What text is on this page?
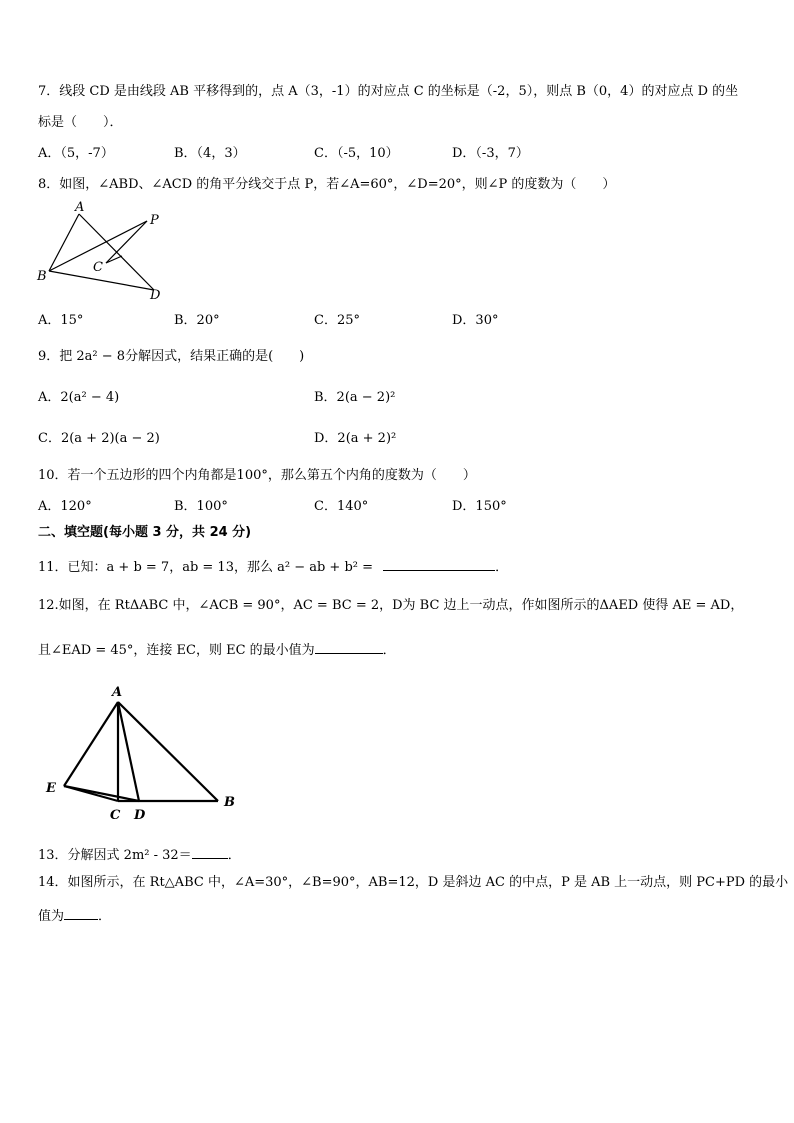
7．线段 CD 是由线段 AB 平移得到的，点 A（3，-1）的对应点 C 的坐标是（-2，5），则点 B（0，4）的对应点 D 的坐
标是（　　）．
A．（5，-7）	B．（4，3）	C．（-5，10）	D．（-3，7）
8．如图，∠ABD、∠ACD 的角平分线交于点 P，若∠A=60°，∠D=20°，则∠P 的度数为（　　）
A
P
B
C
D
A．15°	B．20°	C．25°	D．30°
9．把 2a² − 8分解因式，结果正确的是(　　)
A．2(a² − 4)	B．2(a − 2)²
C．2(a + 2)(a − 2)	D．2(a + 2)²
10．若一个五边形的四个内角都是100°，那么第五个内角的度数为（　　）
A．120°	B．100°	C．140°	D．150°
二、填空题(每小题 3 分，共 24 分)
11．已知：a + b = 7，ab = 13，那么 a² − ab + b² =	．
12.如图，在 RtΔABC 中，∠ACB = 90°，AC = BC = 2，D为 BC 边上一动点，作如图所示的ΔAED 使得 AE = AD，
且∠EAD = 45°，连接 EC，则 EC 的最小值为	．
A
E
C D
B
13．分解因式 2m² - 32＝	．
14．如图所示，在 Rt△ABC 中，∠A=30°，∠B=90°，AB=12，D 是斜边 AC 的中点，P 是 AB 上一动点，则 PC+PD 的最小
值为	．
